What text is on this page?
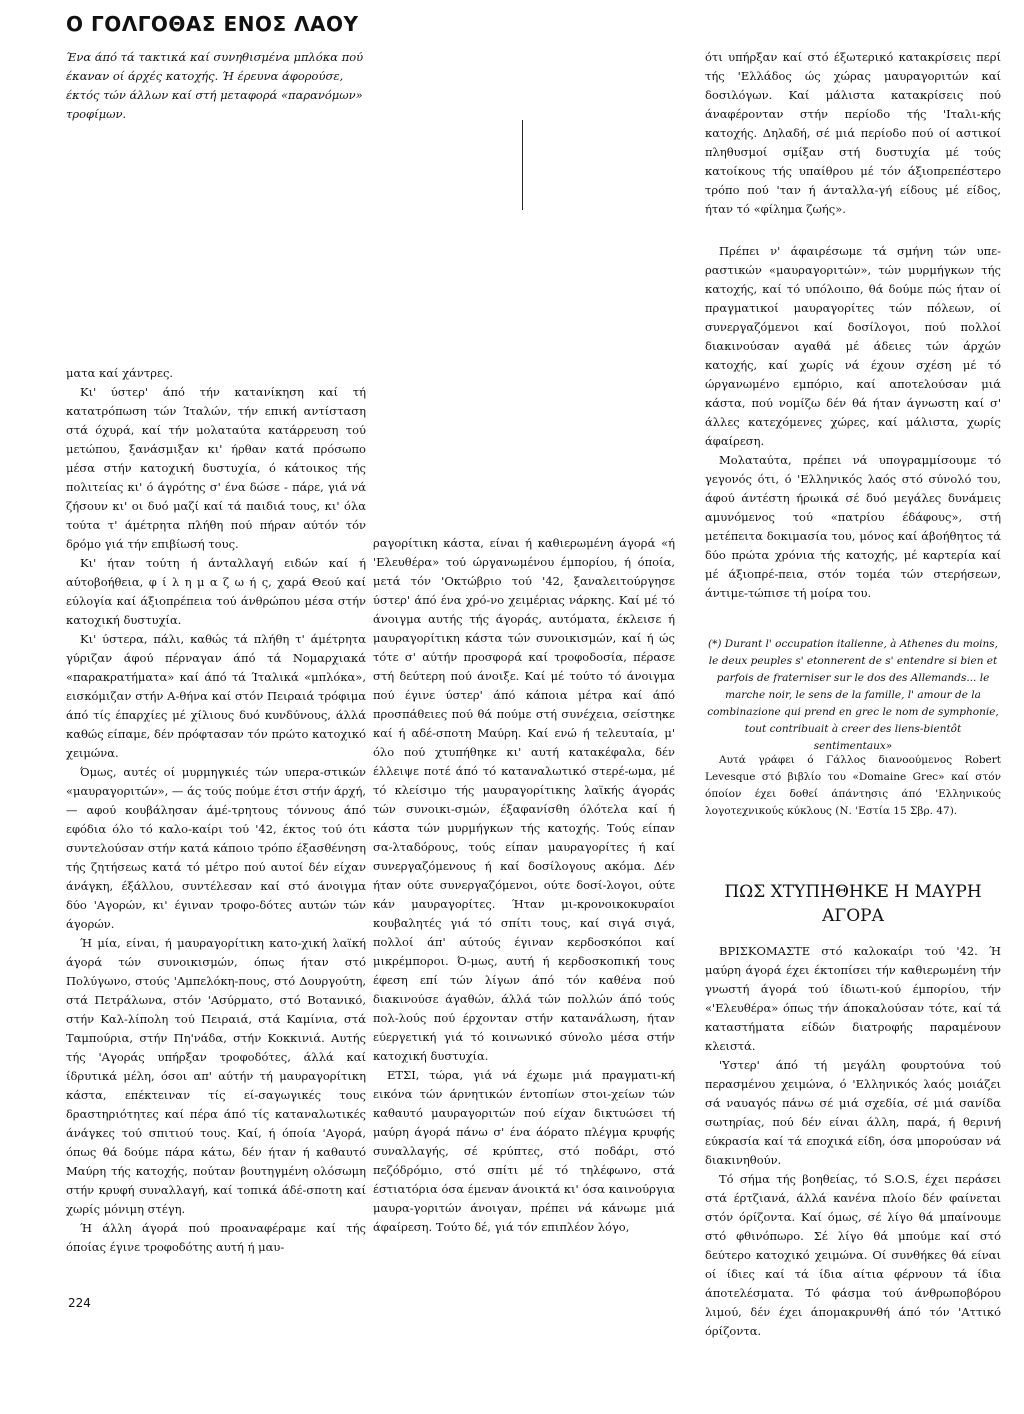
Ο ΓΟΛΓΟΘΑΣ ΕΝΟΣ ΛΑΟΥ
Ένα άπό τά τακτικά καί συνηθισμένα μπλόκα πού έκαναν οί άρχές κατοχής. Ή έρευνα άφορούσε, έκτός τών άλλων καί στή μεταφορά «παρανόμων» τροφίμων.

ματα καί χάντρες.

Κι' ύστερ' άπό τήν κατανίκηση καί τή κατατρόπωση τών Ίταλών, τήν επική αντίσταση στά όχυρά, καί τήν μολαταύτα κατάρρευση τού μετώπου, ξανάσμιξαν κι' ήρθαν κατά πρόσωπο μέσα στήν κατοχική δυστυχία, ό κάτοικος τής πολιτείας κι' ό άγρότης σ' ένα δώσε - πάρε, γιά νά ζήσουν κι' οι δυό μαζί καί τά παιδιά τους, κι' όλα τούτα τ' άμέτρητα πλήθη πού πήραν αύτόν τόν δρόμο γιά τήν επιβίωσή τους.

Κι' ήταν τούτη ή άνταλλαγή ειδών καί ή αύτοβοήθεια, φ ί λ η μ α ζ ω ή ς, χαρά Θεού καί εύλογία καί άξιοπρέπεια τού άνθρώπου μέσα στήν κατοχική δυστυχία.

Κι' ύστερα, πάλι, καθώς τά πλήθη τ' άμέτρητα γύριζαν άφού πέρναγαν άπό τά Νομαρχιακά «παρακρατήματα» καί άπό τά Ίταλικά «μπλόκα», εισκόμιζαν στήν Α-θήνα καί στόν Πειραιά τρόφιμα άπό τίς έπαρχίες μέ χίλιους δυό κυνδύνους, άλλά καθώς είπαμε, δέν πρόφτασαν τόν πρώτο κατοχικό χειμώνα.

Όμως, αυτές οί μυρμηγκιές τών υπερα-στικών «μαυραγοριτών», — άς τούς πούμε έτσι στήν άρχή, — αφού κουβάλησαν άμέ-τρητους τόννους άπό εφόδια όλο τό καλο-καίρι τού '42, έκτος τού ότι συντελούσαν στήν κατά κάποιο τρόπο έξασθένηση τής ζητήσεως κατά τό μέτρο πού αυτοί δέν είχαν άνάγκη, έξάλλου, συντέλεσαν καί στό άνοιγμα δύο 'Αγορών, κι' έγιναν τροφο-δότες αυτών τών άγορών.

Ή μία, είναι, ή μαυραγορίτικη κατο-χική λαϊκή άγορά τών συνοικισμών, όπως ήταν στό Πολύγωνο, στούς 'Αμπελόκη-πους, στό Δουργούτη, στά Πετράλωνα, στόν 'Ασύρματο, στό Βοτανικό, στήν Καλ-λίπολη τού Πειραιά, στά Καμίνια, στά Ταμπούρια, στήν Πη'νάδα, στήν Κοκκινιά. Αυτής τής 'Αγοράς υπήρξαν τροφοδότες, άλλά καί ίδρυτικά μέλη, όσοι απ' αύτήν τή μαυραγορίτικη κάστα, επέκτειναν τίς εί-σαγωγικές τους δραστηριότητες καί πέρα άπό τίς καταναλωτικές άνάγκες τού σπιτιού τους. Καί, ή όποία 'Αγορά, όπως θά δούμε πάρα κάτω, δέν ήταν ή καθαυτό Μαύρη τής κατοχής, πούταν βουτηγμένη ολόσωμη στήν κρυφή συναλλαγή, καί τοπικά άδέ-σποτη καί χωρίς μόνιμη στέγη.

Ή άλλη άγορά πού προαναφέραμε καί τής όποίας έγινε τροφοδότης αυτή ή μαυ-

ραγορίτικη κάστα, είναι ή καθιερωμένη άγορά «ή 'Ελευθέρα» τού ώργανωμένου έμπορίου, ή όποία, μετά τόν 'Οκτώβριο τού '42, ξαναλειτούργησε ύστερ' άπό ένα χρό-νο χειμέριας νάρκης. Καί μέ τό άνοιγμα αυτής τής άγοράς, αυτόματα, έκλεισε ή μαυραγορίτικη κάστα τών συνοικισμών, καί ή ώς τότε σ' αύτήν προσφορά καί τροφοδοσία, πέρασε στή δεύτερη πού άνοιξε. Καί μέ τούτο τό άνοιγμα πού έγινε ύστερ' άπό κάποια μέτρα καί άπό προσπάθειες πού θά πούμε στή συνέχεια, σείστηκε καί ή αδέ-σποτη Μαύρη. Καί ενώ ή τελευταία, μ' όλο πού χτυπήθηκε κι' αυτή κατακέφαλα, δέν έλλειψε ποτέ άπό τό καταναλωτικό στερέ-ωμα, μέ τό κλείσιμο τής μαυραγορίτικης λαϊκής άγοράς τών συνοικι-σμών, έξαφανίσθη όλότελα καί ή κάστα τών μυρμήγκων τής κατοχής. Τούς είπαν σα-λταδόρους, τούς είπαν μαυραγορίτες ή καί συνεργαζόμενους ή καί δοσίλογους ακόμα. Δέν ήταν ούτε συνεργαζόμενοι, ούτε δοσί-λογοι, ούτε κάν μαυραγορίτες. Ήταν μι-κρονοικοκυραίοι κουβαλητές γιά τό σπίτι τους, καί σιγά σιγά, πολλοί άπ' αύτούς έγιναν κερδοσκόποι καί μικρέμποροι. Ό-μως, αυτή ή κερδοσκοπική τους έφεση επί τών λίγων άπό τόν καθένα πού διακινούσε άγαθών, άλλά τών πολλών άπό τούς πολ-λούς πού έρχονταν στήν κατανάλωση, ήταν εύεργετική γιά τό κοινωνικό σύνολο μέσα στήν κατοχική δυστυχία.

ΕΤΣΙ, τώρα, γιά νά έχωμε μιά πραγματι-κή εικόνα τών άρνητικών έντοπίων στοι-χείων τών καθαυτό μαυραγοριτών πού είχαν δικτυώσει τή μαύρη άγορά πάνω σ' ένα άόρατο πλέγμα κρυφής συναλλαγής, σέ κρύπτες, στό ποδάρι, στό πεζόδρόμιο, στό σπίτι μέ τό τηλέφωνο, στά έστιατόρια όσα έμεναν άνοικτά κι' όσα καινούργια μαυρα-γοριτών άνοιγαν, πρέπει νά κάνωμε μιά άφαίρεση. Τούτο δέ, γιά τόν επιπλέον λόγο,

ότι υπήρξαν καί στό έξωτερικό κατακρίσεις περί τής 'Ελλάδος ώς χώρας μαυραγοριτών καί δοσιλόγων. Καί μάλιστα κατακρίσεις πού άναφέρονταν στήν περίοδο τής 'Ιταλι-κής κατοχής. Δηλαδή, σέ μιά περίοδο πού οί αστικοί πληθυσμοί σμίξαν στή δυστυχία μέ τούς κατοίκους τής υπαίθρου μέ τόν άξιοπρεπέστερο τρόπο πού 'ταν ή άνταλλα-γή είδους μέ είδος, ήταν τό «φίλημα ζωής».

Πρέπει ν' άφαιρέσωμε τά σμήνη τών υπε-ραστικών «μαυραγοριτών», τών μυρμήγκων τής κατοχής, καί τό υπόλοιπο, θά δούμε πώς ήταν οί πραγματικοί μαυραγορίτες τών πόλεων, οί συνεργαζόμενοι καί δοσίλογοι, πού πολλοί διακινούσαν αγαθά μέ άδειες τών άρχών κατοχής, καί χωρίς νά έχουν σχέση μέ τό ώργανωμένο εμπόριο, καί αποτελούσαν μιά κάστα, πού νομίζω δέν θά ήταν άγνωστη καί σ' άλλες κατεχόμενες χώρες, καί μάλιστα, χωρίς άφαίρεση.

Μολαταύτα, πρέπει νά υπογραμμίσουμε τό γεγονός ότι, ό 'Ελληνικός λαός στό σύνολό του, άφού άντέστη ήρωικά σέ δυό μεγάλες δυνάμεις αμυνόμενος τού «πατρίου έδάφους», στή μετέπειτα δοκιμασία του, μόνος καί άβοήθητος τά δύο πρώτα χρόνια τής κατοχής, μέ καρτερία καί μέ άξιοπρέ-πεια, στόν τομέα τών στερήσεων, άντιμε-τώπισε τή μοίρα του.

(*) Durant l' occupation italienne, à Athenes du moins, le deux peuples s' etonnerent de s' entendre si bien et parfois de fraterniser sur le dos des Allemands... le marche noir, le sens de la famille, l' amour de la combinazione qui prend en grec le nom de symphonie, tout contribuait à creer des liens-bientôt sentimentaux»

Αυτά γράφει ό Γάλλος διανοούμενος Robert Levesque στό βιβλίο του «Domaine Grec» καί στόν όποίον έχει δοθεί άπάντησις άπό 'Ελληνικούς λογοτεχνικούς κύκλους (Ν. 'Εστία 15 Σβρ. 47).

ΠΩΣ ΧΤΥΠΗΘΗΚΕ Η ΜΑΥΡΗ
ΑΓΟΡΑ

ΒΡΙΣΚΟΜΑΣΤΕ στό καλοκαίρι τού '42. Ή μαύρη άγορά έχει έκτοπίσει τήν καθιερωμένη τήν γνωστή άγορά τού ίδιωτι-κού έμπορίου, τήν «'Ελευθέρα» όπως τήν άποκαλούσαν τότε, καί τά καταστήματα είδών διατροφής παραμένουν κλειστά.

'Υστερ' άπό τή μεγάλη φουρτούνα τού περασμένου χειμώνα, ό 'Ελληνικός λαός μοιάζει σά ναυαγός πάνω σέ μιά σχεδία, σέ μιά σανίδα σωτηρίας, πού δέν είναι άλλη, παρά, ή θερινή εύκρασία καί τά εποχικά είδη, όσα μπορούσαν νά διακινηθούν.

Τό σήμα τής βοηθείας, τό S.O.S, έχει περάσει στά έρτζιανά, άλλά κανένα πλοίο δέν φαίνεται στόν όρίζοντα. Καί όμως, σέ λίγο θά μπαίνουμε στό φθινόπωρο. Σέ λίγο θά μπούμε καί στό δεύτερο κατοχικό χειμώνα. Οί συνθήκες θά είναι οί ίδιες καί τά ίδια αίτια φέρνουν τά ίδια άποτελέσματα. Τό φάσμα τού άνθρωποβόρου λιμού, δέν έχει άπομακρυνθή άπό τόν 'Αττικό όρίζοντα.

224
